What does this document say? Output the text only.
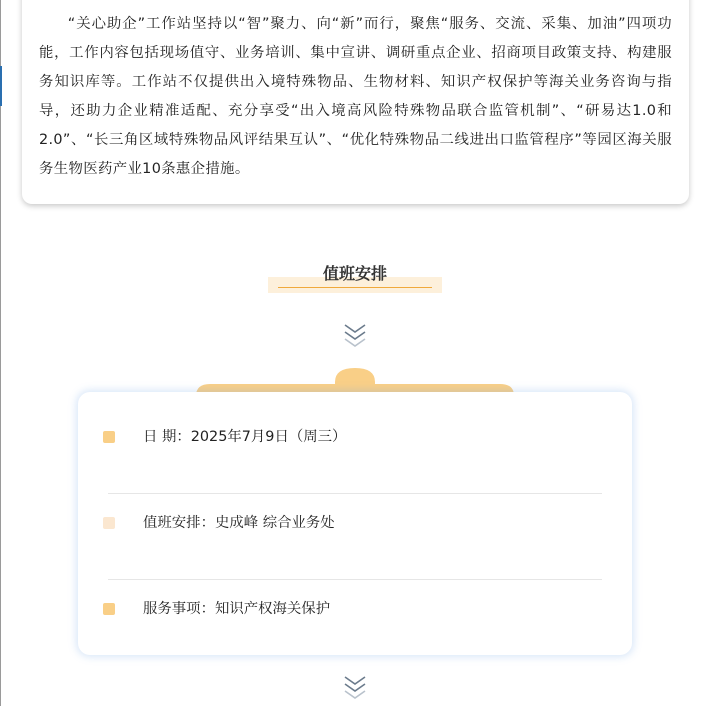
“关心助企”工作站坚持以“智”聚力、向“新”而行，聚焦“服务、交流、采集、加油”四项功能，工作内容包括现场值守、业务培训、集中宣讲、调研重点企业、招商项目政策支持、构建服务知识库等。工作站不仅提供出入境特殊物品、生物材料、知识产权保护等海关业务咨询与指导，还助力企业精准适配、充分享受“出入境高风险特殊物品联合监管机制”、“研易达1.0和2.0”、“长三角区域特殊物品风评结果互认”、“优化特殊物品二线进出口监管程序”等园区海关服务生物医药产业10条惠企措施。

值班安排
日 期：2025年7月9日（周三）
值班安排：史成峰 综合业务处
服务事项：知识产权海关保护
